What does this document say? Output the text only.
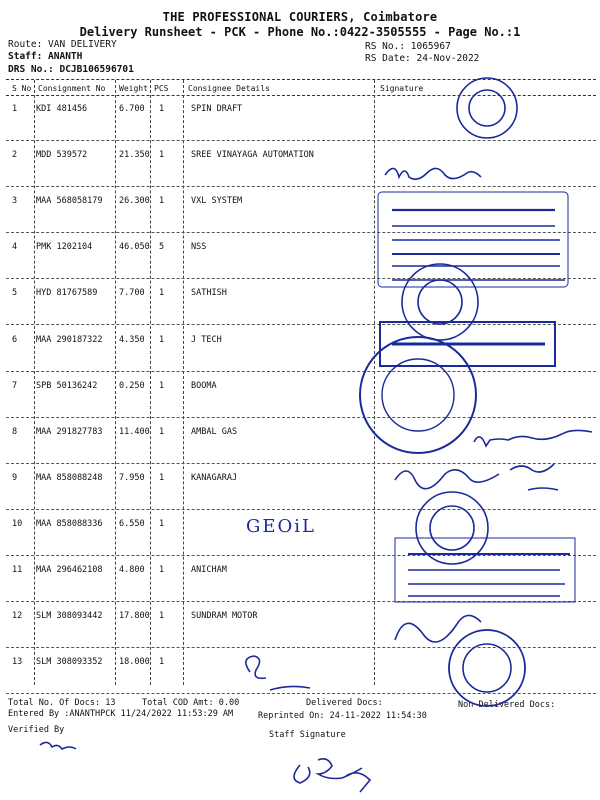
THE PROFESSIONAL COURIERS, Coimbatore
Delivery Runsheet - PCK - Phone No.:0422-3505555 - Page No.:1
Route: VAN DELIVERY
Staff: ANANTH
DRS No.: DCJB106596701
RS No.: 1065967
RS Date: 24-Nov-2022
S No Consignment No Weight PCS Consignee Details	Signature
1 KDI 481456	6.700 1	SPIN DRAFT
2 MDD 539572	21.350 1	SREE VINAYAGA AUTOMATION
3 MAA 568058179 26.300 1	VXL SYSTEM
4 PMK 1202104	46.050 5	NSS
5 HYD 81767589	7.700 1	SATHISH
6 MAA 290187322 4.350 1	J TECH
7 SPB 50136242	0.250 1	BOOMA
8 MAA 291827783 11.400 1	AMBAL GAS
9 MAA 858088248 7.950 1	KANAGARAJ
10 MAA 858088336 6.550 1
11 MAA 296462108 4.800 1	ANICHAM
12 SLM 308093442 17.800 1	SUNDRAM MOTOR
13 SLM 308093352 18.000 1
GEOiL
Total No. Of Docs: 13	Total COD Amt: 0.00	Delivered Docs:	Non Delivered Docs:
Entered By :ANANTHPCK 11/24/2022 11:53:29 AM	Reprinted On: 24-11-2022 11:54:30
Verified By	Staff Signature
